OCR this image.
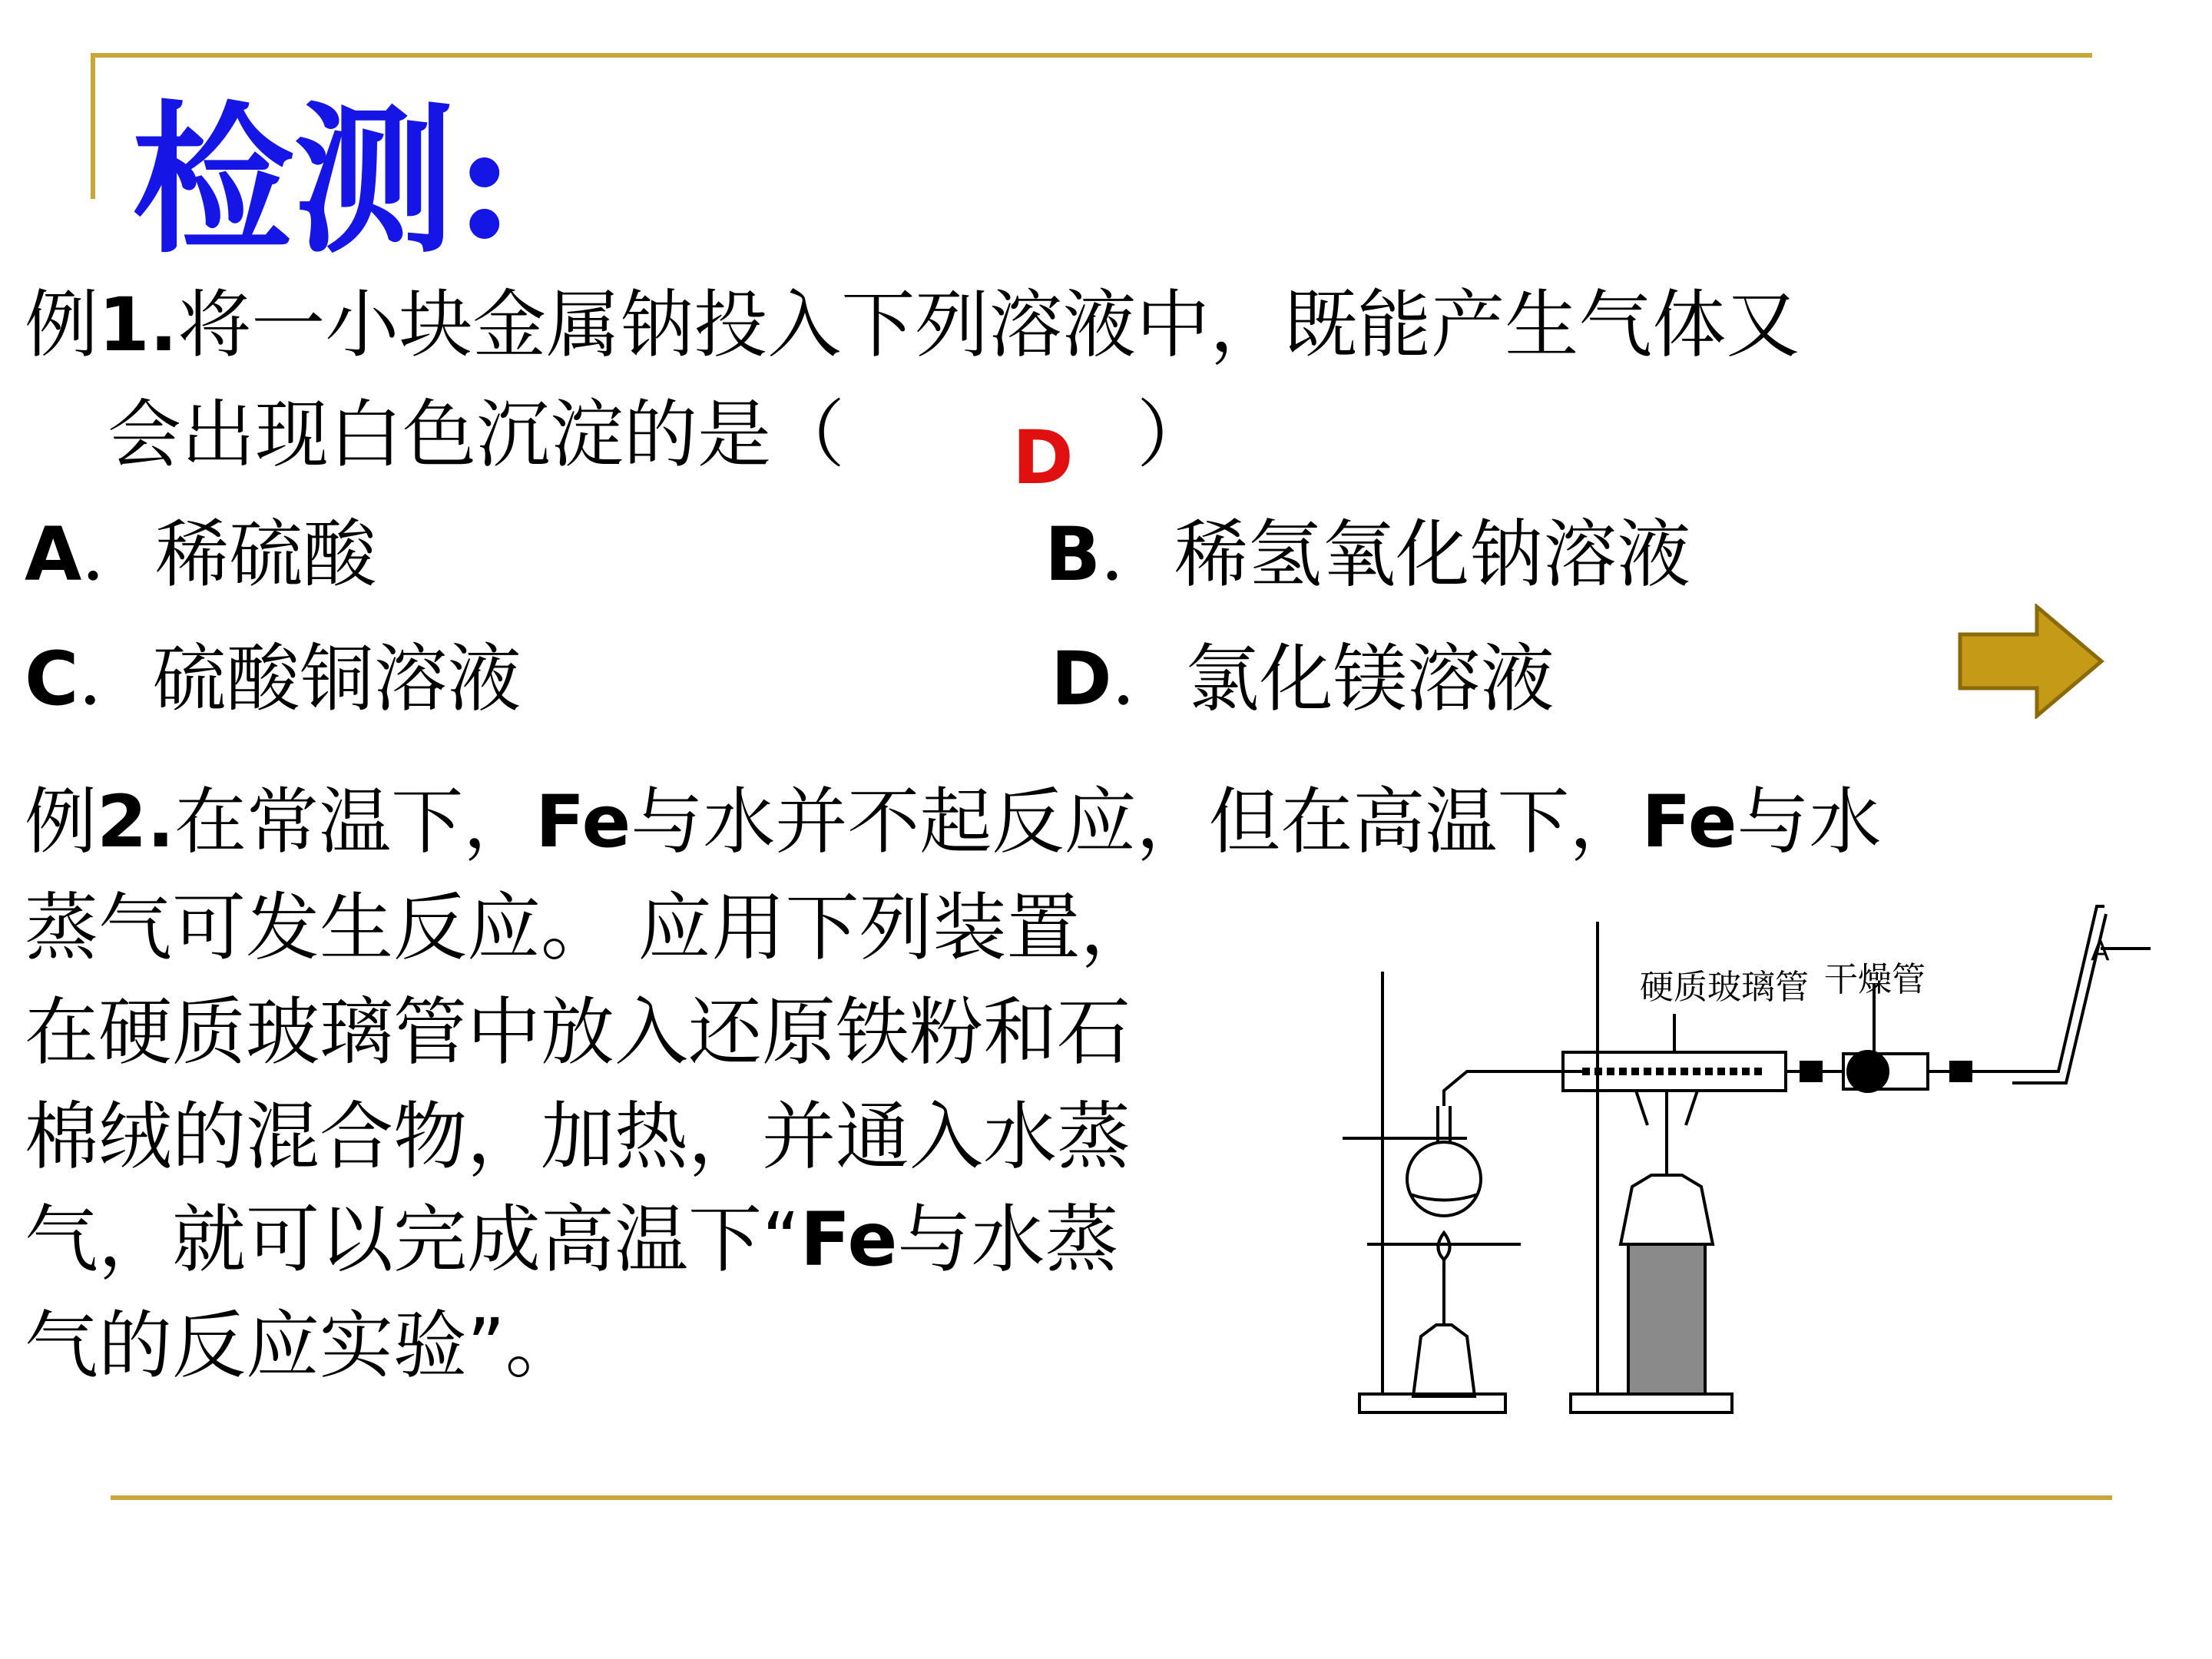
检测:
例1.将一小块金属钠投入下列溶液中，既能产生气体又
会出现白色沉淀的是（	）
D
A．稀硫酸	B．稀氢氧化钠溶液
C．硫酸铜溶液	D．氯化镁溶液
例2.在常温下，Fe与水并不起反应，但在高温下，Fe与水
蒸气可发生反应。 应用下列装置，
在硬质玻璃管中放入还原铁粉和石
棉绒的混合物，加热，并通入水蒸
气，就可以完成高温下“Fe与水蒸
气的反应实验”。
硬质玻璃管 干燥管
A
